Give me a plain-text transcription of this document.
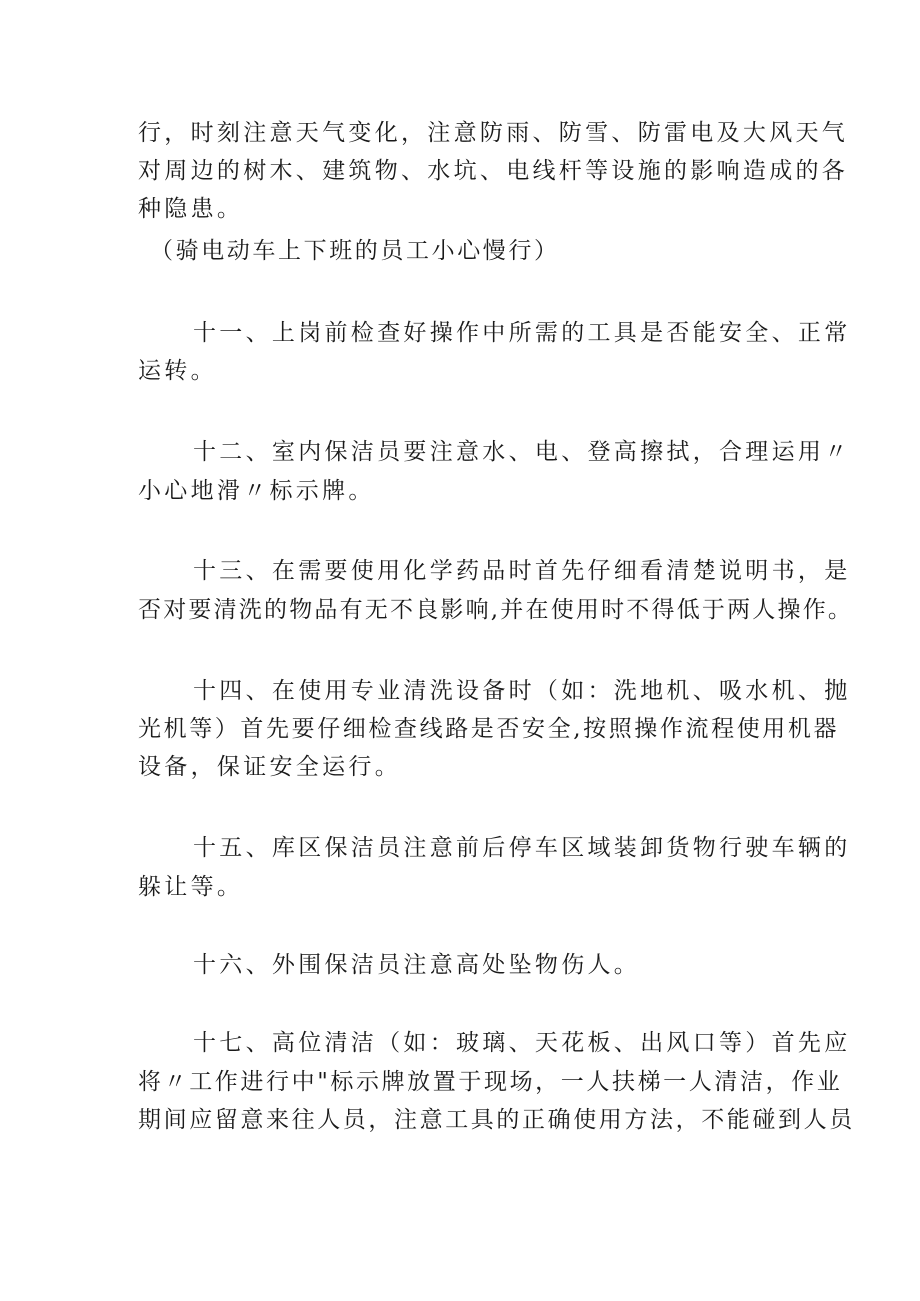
行，时刻注意天气变化，注意防雨、防雪、防雷电及大风天气
对周边的树木、建筑物、水坑、电线杆等设施的影响造成的各
种隐患。
（骑电动车上下班的员工小心慢行）
十一、上岗前检查好操作中所需的工具是否能安全、正常
运转。
十二、室内保洁员要注意水、电、登高擦拭，合理运用〃
小心地滑〃标示牌。
十三、在需要使用化学药品时首先仔细看清楚说明书，是
否对要清洗的物品有无不良影响,并在使用时不得低于两人操作。
十四、在使用专业清洗设备时（如：洗地机、吸水机、抛
光机等）首先要仔细检查线路是否安全,按照操作流程使用机器
设备，保证安全运行。
十五、库区保洁员注意前后停车区域装卸货物行驶车辆的
躲让等。
十六、外围保洁员注意高处坠物伤人。
十七、高位清洁（如：玻璃、天花板、出风口等）首先应
将〃工作进行中"标示牌放置于现场，一人扶梯一人清洁，作业
期间应留意来往人员，注意工具的正确使用方法，不能碰到人员
